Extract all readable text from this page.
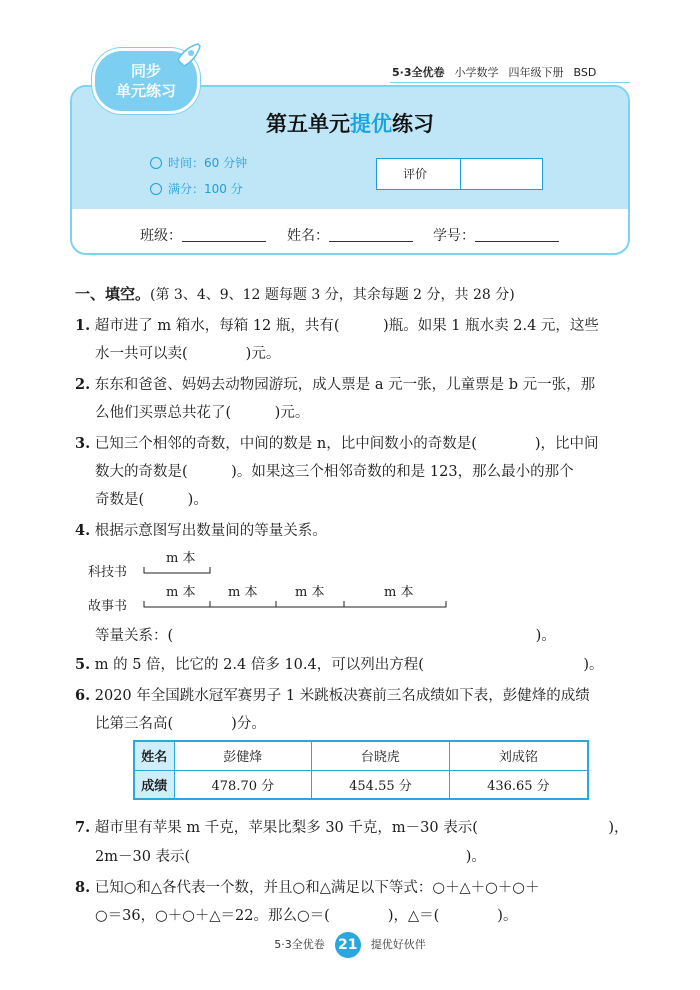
同步
单元练习
5·3全优卷 小学数学 四年级下册 BSD
第五单元提优练习
时间：60 分钟
满分：100 分
评价
班级：	姓名：	学号：
一、填空。(第 3、4、9、12 题每题 3 分，其余每题 2 分，共 28 分)
1. 超市进了 m 箱水，每箱 12 瓶，共有(　　　)瓶。如果 1 瓶水卖 2.4 元，这些
水一共可以卖(　　　　)元。
2. 东东和爸爸、妈妈去动物园游玩，成人票是 a 元一张，儿童票是 b 元一张，那
么他们买票总共花了(　　　)元。
3. 已知三个相邻的奇数，中间的数是 n，比中间数小的奇数是(　　　　)，比中间
数大的奇数是(　　　)。如果这三个相邻奇数的和是 123，那么最小的那个
奇数是(　　　)。
4. 根据示意图写出数量间的等量关系。
科技书
故事书
m 本
m 本	m 本	m 本	m 本
等量关系：(　　　　　　　　　　　　　　　　　　　　　　　　　)。
5. m 的 5 倍，比它的 2.4 倍多 10.4，可以列出方程(　　　　　　　　　　　)。
6. 2020 年全国跳水冠军赛男子 1 米跳板决赛前三名成绩如下表，彭健烽的成绩
比第三名高(　　　　)分。
姓名	彭健烽	台晓虎	刘成铭
成绩	478.70 分	454.55 分	436.65 分
7. 超市里有苹果 m 千克，苹果比梨多 30 千克，m－30 表示(　　　　　　　　　)，
2m－30 表示(　　　　　　　　　　　　　　　　　　　)。
8. 已知○和△各代表一个数，并且○和△满足以下等式：○＋△＋○＋○＋
○＝36，○＋○＋△＝22。那么○＝(　　　　)，△＝(　　　　)。
5·3全优卷 21 提优好伙伴
